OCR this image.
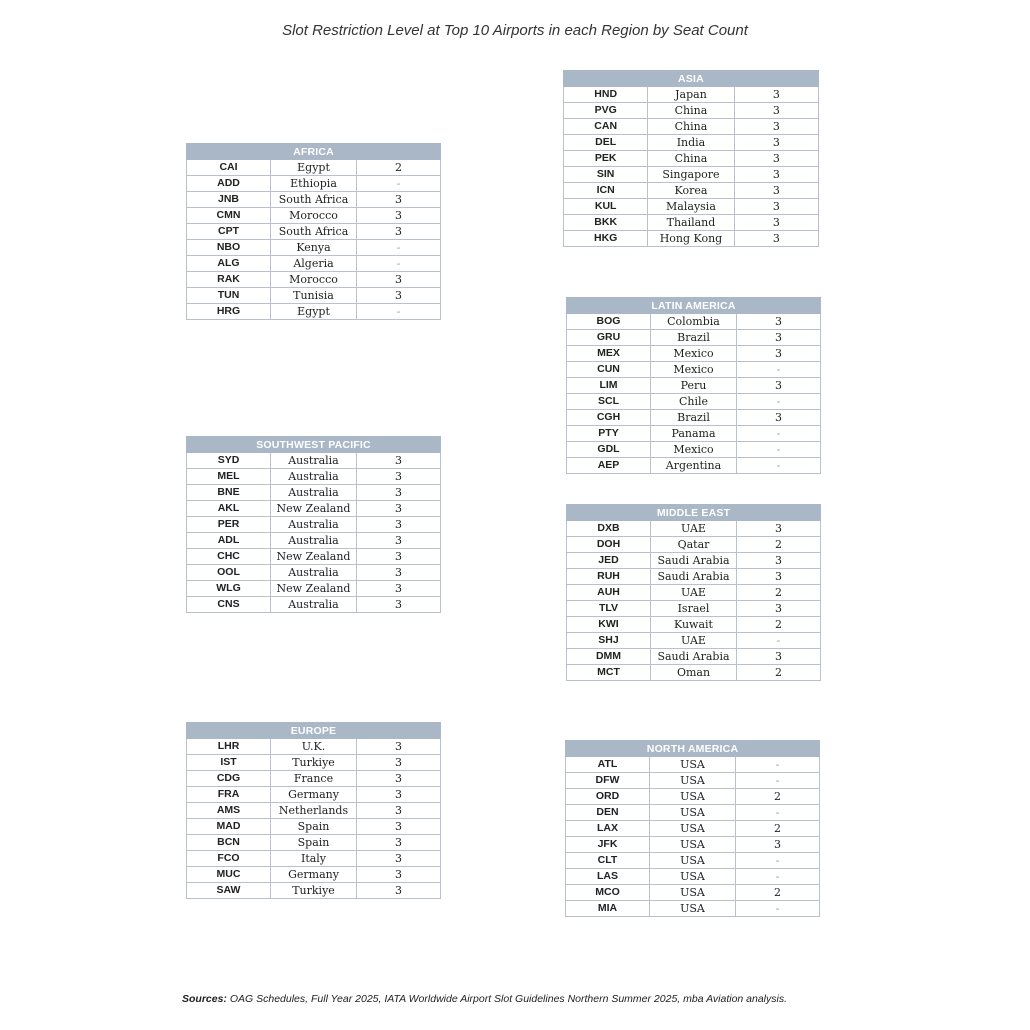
Slot Restriction Level at Top 10 Airports in each Region by Seat Count
AFRICA		
CAI	Egypt	2
ADD	Ethiopia	-
JNB	South Africa	3
CMN	Morocco	3
CPT	South Africa	3
NBO	Kenya	-
ALG	Algeria	-
RAK	Morocco	3
TUN	Tunisia	3
HRG	Egypt	-
SOUTHWEST PACIFIC		
SYD	Australia	3
MEL	Australia	3
BNE	Australia	3
AKL	New Zealand	3
PER	Australia	3
ADL	Australia	3
CHC	New Zealand	3
OOL	Australia	3
WLG	New Zealand	3
CNS	Australia	3
EUROPE		
LHR	U.K.	3
IST	Turkiye	3
CDG	France	3
FRA	Germany	3
AMS	Netherlands	3
MAD	Spain	3
BCN	Spain	3
FCO	Italy	3
MUC	Germany	3
SAW	Turkiye	3
ASIA		
HND	Japan	3
PVG	China	3
CAN	China	3
DEL	India	3
PEK	China	3
SIN	Singapore	3
ICN	Korea	3
KUL	Malaysia	3
BKK	Thailand	3
HKG	Hong Kong	3
LATIN AMERICA		
BOG	Colombia	3
GRU	Brazil	3
MEX	Mexico	3
CUN	Mexico	-
LIM	Peru	3
SCL	Chile	-
CGH	Brazil	3
PTY	Panama	-
GDL	Mexico	-
AEP	Argentina	-
MIDDLE EAST		
DXB	UAE	3
DOH	Qatar	2
JED	Saudi Arabia	3
RUH	Saudi Arabia	3
AUH	UAE	2
TLV	Israel	3
KWI	Kuwait	2
SHJ	UAE	-
DMM	Saudi Arabia	3
MCT	Oman	2
NORTH AMERICA		
ATL	USA	-
DFW	USA	-
ORD	USA	2
DEN	USA	-
LAX	USA	2
JFK	USA	3
CLT	USA	-
LAS	USA	-
MCO	USA	2
MIA	USA	-
Sources: OAG Schedules, Full Year 2025, IATA Worldwide Airport Slot Guidelines Northern Summer 2025, mba Aviation analysis.
